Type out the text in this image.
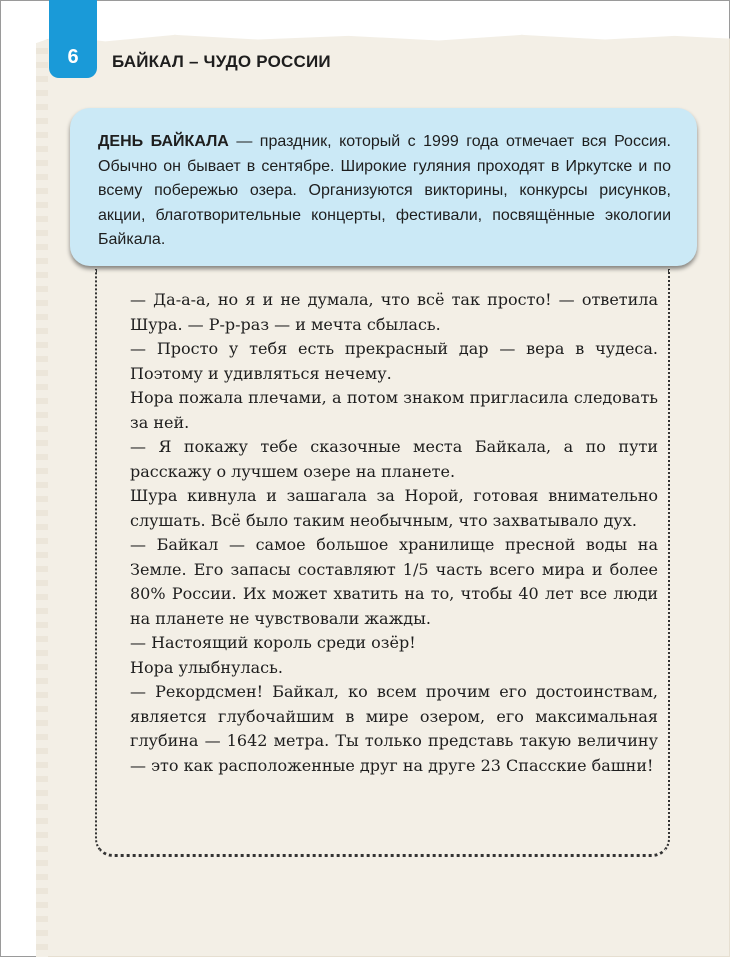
6 БАЙКАЛ – ЧУДО РОССИИ

ДЕНЬ БАЙКАЛА — праздник, который с 1999 года отмечает вся Россия. Обычно он бывает в сентябре. Широкие гуляния проходят в Иркутске и по всему побережью озера. Организуются викторины, конкурсы рисунков, акции, благотворительные концерты, фестивали, посвящённые экологии Байкала.

— Да-а-а, но я и не думала, что всё так просто! — ответила Шура. — Р-р-раз — и мечта сбылась.

— Просто у тебя есть прекрасный дар — вера в чудеса. Поэтому и удивляться нечему.

Нора пожала плечами, а потом знаком пригласила следовать за ней.

— Я покажу тебе сказочные места Байкала, а по пути расскажу о лучшем озере на планете.

Шура кивнула и зашагала за Норой, готовая внимательно слушать. Всё было таким необычным, что захватывало дух.

— Байкал — самое большое хранилище пресной воды на Земле. Его запасы составляют 1/5 часть всего мира и более 80% России. Их может хватить на то, чтобы 40 лет все люди на планете не чувствовали жажды.

— Настоящий король среди озёр!

Нора улыбнулась.

— Рекордсмен! Байкал, ко всем прочим его достоинствам, является глубочайшим в мире озером, его максимальная глубина — 1642 метра. Ты только представь такую величину — это как расположенные друг на друге 23 Спасские башни!
